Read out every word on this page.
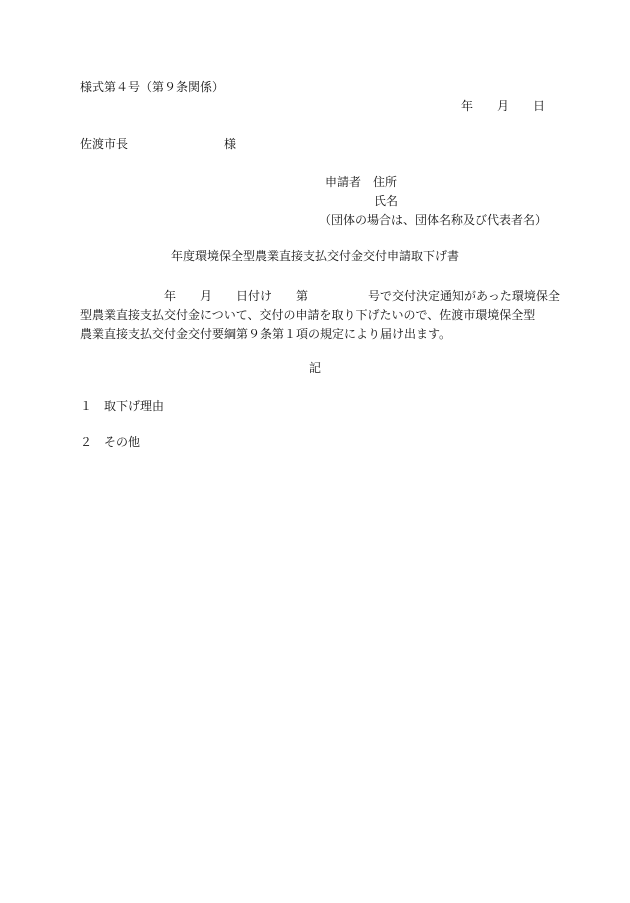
様式第４号（第９条関係）
年　　月　　日
佐渡市長　　　　　　　　様
申請者　住所
氏名
（団体の場合は、団体名称及び代表者名）
年度環境保全型農業直接支払交付金交付申請取下げ書
　　　　　　　年　　月　　日付け　　第　　　　　号で交付決定通知があった環境保全
型農業直接支払交付金について、交付の申請を取り下げたいので、佐渡市環境保全型
農業直接支払交付金交付要綱第９条第１項の規定により届け出ます。
記
１　取下げ理由
２　その他
